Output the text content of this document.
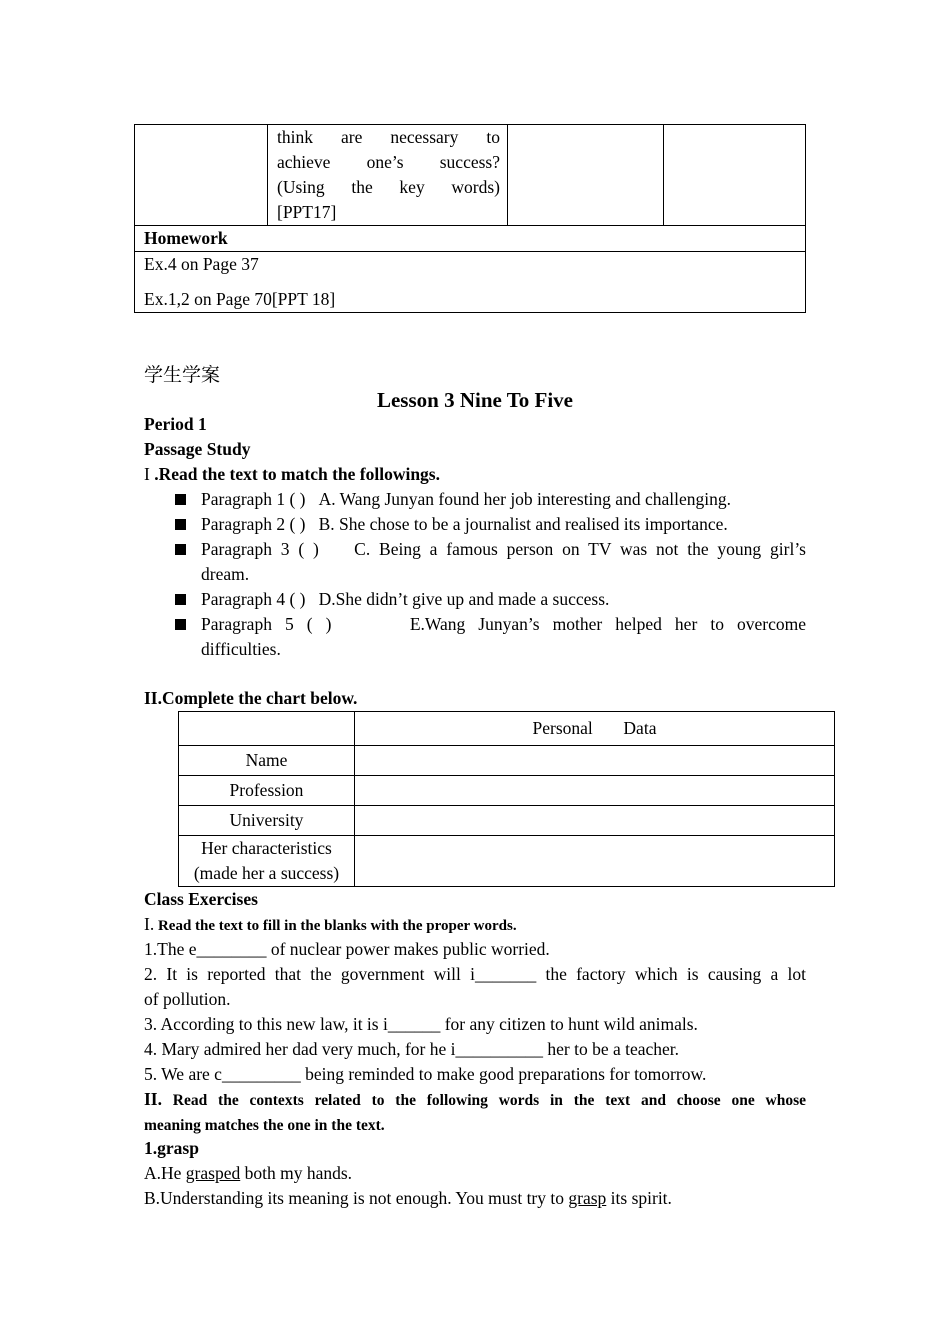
think are necessary to
achieve one’s success?
(Using the key words)
[PPT17]

Homework

Ex.4 on Page 37
Ex.1,2 on Page 70[PPT 18]
学生学案
Lesson 3 Nine To Five
Period 1
Passage Study
I .Read the text to match the followings.
Paragraph 1 ( ) A. Wang Junyan found her job interesting and challenging.
Paragraph 2 ( ) B. She chose to be a journalist and realised its importance.
Paragraph 3 ( ) C. Being a famous person on TV was not the young girl’s
dream.
Paragraph 4 ( ) D.She didn’t give up and made a success.
Paragraph 5 ( )	E.Wang Junyan’s mother helped her to overcome
difficulties.
II.Complete the chart below.
	Personal Data
Name	
Profession	
University	

Her characteristics
(made her a success)	

Class Exercises
I. Read the text to fill in the blanks with the proper words.
1.The e________ of nuclear power makes public worried.
2. It is reported that the government will i_______ the factory which is causing a lot
of pollution.
3. According to this new law, it is i______ for any citizen to hunt wild animals.
4. Mary admired her dad very much, for he i__________ her to be a teacher.
5. We are c_________ being reminded to make good preparations for tomorrow.
II. Read the contexts related to the following words in the text and choose one whose
meaning matches the one in the text.
1.grasp
A.He grasped both my hands.
B.Understanding its meaning is not enough. You must try to grasp its spirit.
